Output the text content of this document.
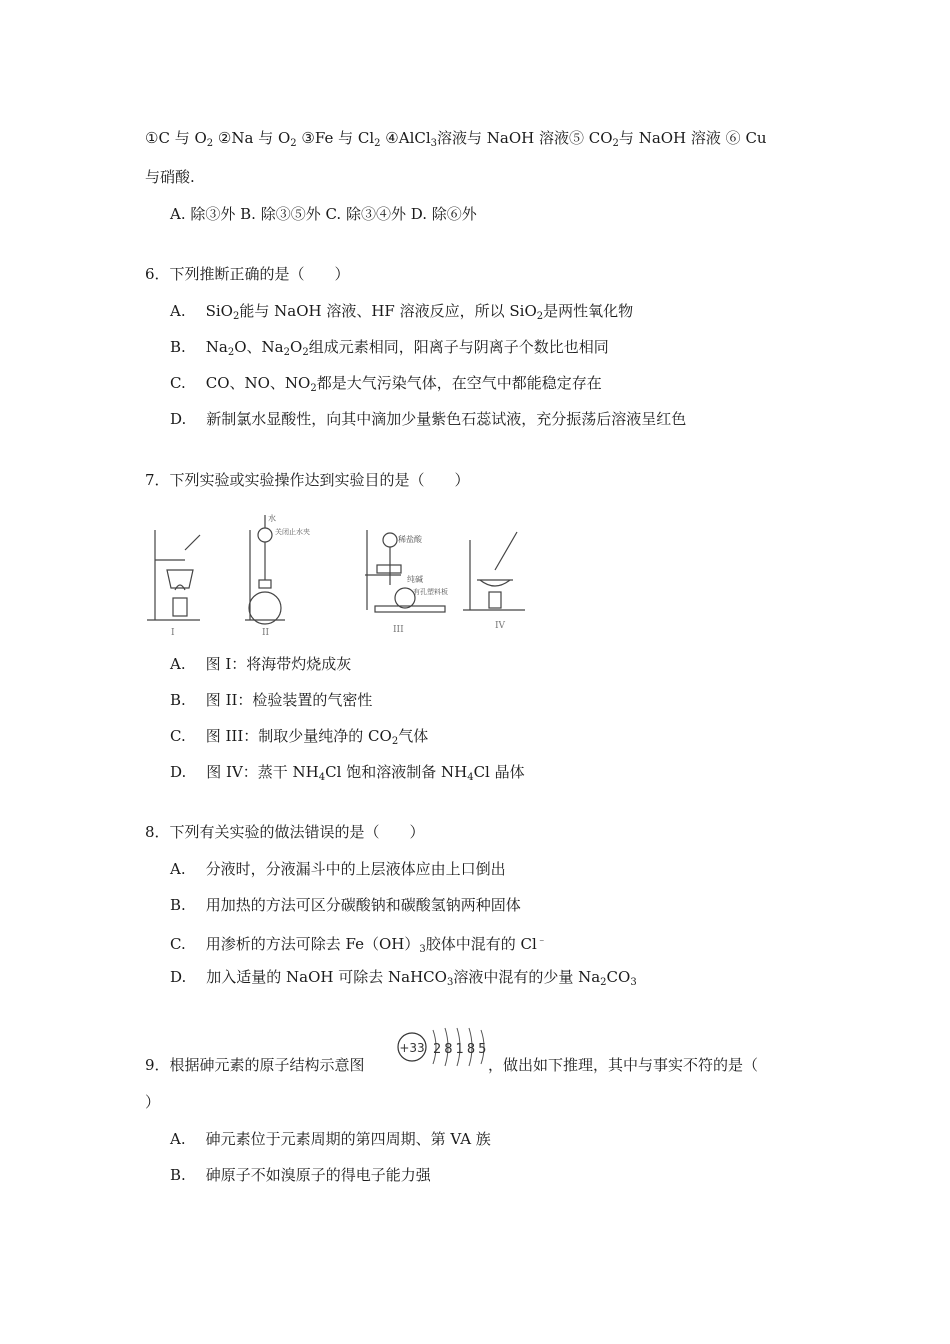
①C 与 $O_2$ ②Na 与 $O_2$ ③Fe 与 $Cl_2$ ④AlCl$_3$溶液与 NaOH 溶液⑤ $CO_2$与 NaOH 溶液 ⑥ Cu
与硝酸.
A. 除③外 B. 除③⑤外 C. 除③④外 D. 除⑥外
6．下列推断正确的是（　　）
A. SiO$_2$能与 NaOH 溶液、HF 溶液反应，所以 SiO$_2$是两性氧化物
B. $Na_2O$、$Na_2O_2$组成元素相同，阳离子与阴离子个数比也相同
C. CO、NO、$NO_2$都是大气污染气体，在空气中都能稳定存在
D. 新制氯水显酸性，向其中滴加少量紫色石蕊试液，充分振荡后溶液呈红色
7．下列实验或实验操作达到实验目的是（　　）
I
水
关闭止水夹
II
稀盐酸
纯碱
有孔塑料板
III	IV
A. 图 I：将海带灼烧成灰
B. 图 II：检验装置的气密性
C. 图 III：制取少量纯净的 $CO_2$气体
D. 图 IV：蒸干 $NH_4Cl$ 饱和溶液制备 $NH_4Cl$ 晶体
8．下列有关实验的做法错误的是（　　）
A. 分液时，分液漏斗中的上层液体应由上口倒出
B. 用加热的方法可区分碳酸钠和碳酸氢钠两种固体
C. 用渗析的方法可除去 $Fe(OH)_3$胶体中混有的 Cl﹣
D. 加入适量的 NaOH 可除去 NaHCO$_3$溶液中混有的少量 $Na_2CO_3$
9．根据砷元素的原子结构示意图
+33 28185
，做出如下推理，其中与事实不符的是（
）
A. 砷元素位于元素周期的第四周期、第 VA 族
B. 砷原子不如溴原子的得电子能力强
